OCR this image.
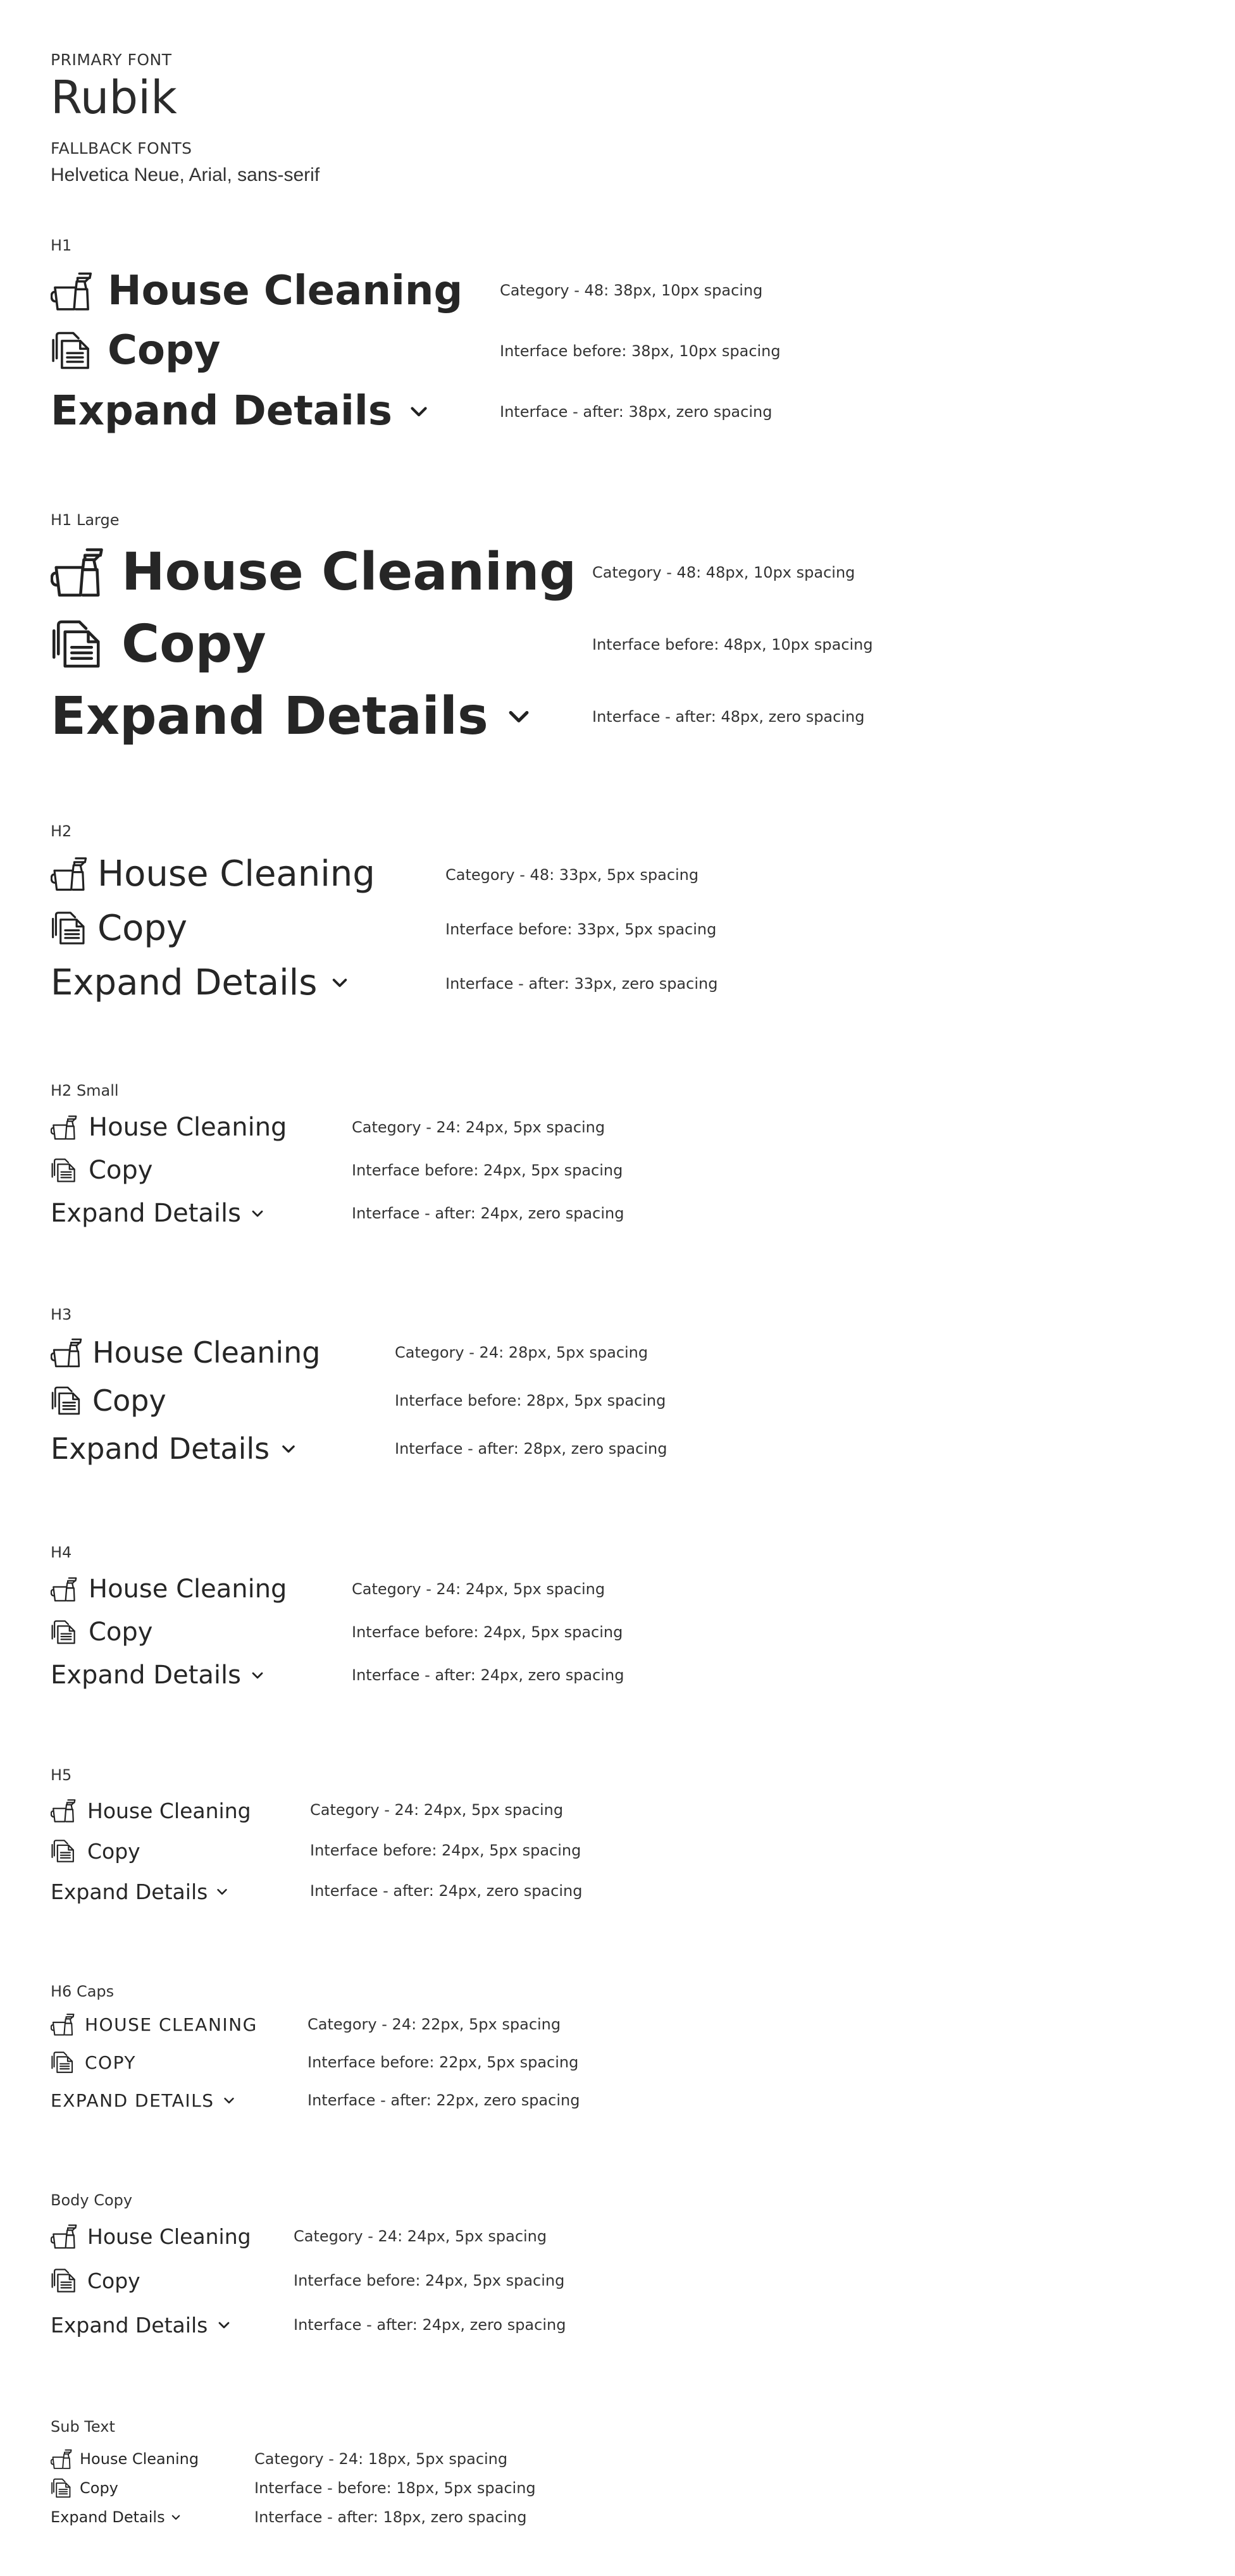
PRIMARY FONT
Rubik
FALLBACK FONTS
Helvetica Neue, Arial, sans-serif
H1
House Cleaning
Copy
Expand Details
Category - 48: 38px, 10px spacing
Interface before: 38px, 10px spacing
Interface - after: 38px, zero spacing
H1 Large
House Cleaning
Copy
Expand Details
Category - 48: 48px, 10px spacing
Interface before: 48px, 10px spacing
Interface - after: 48px, zero spacing
H2
House Cleaning
Copy
Expand Details
Category - 48: 33px, 5px spacing
Interface before: 33px, 5px spacing
Interface - after: 33px, zero spacing
H2 Small
House Cleaning
Copy
Expand Details
Category - 24: 24px, 5px spacing
Interface before: 24px, 5px spacing
Interface - after: 24px, zero spacing
H3
House Cleaning
Copy
Expand Details
Category - 24: 28px, 5px spacing
Interface before: 28px, 5px spacing
Interface - after: 28px, zero spacing
H4
House Cleaning
Copy
Expand Details
Category - 24: 24px, 5px spacing
Interface before: 24px, 5px spacing
Interface - after: 24px, zero spacing
H5
House Cleaning
Copy
Expand Details
Category - 24: 24px, 5px spacing
Interface before: 24px, 5px spacing
Interface - after: 24px, zero spacing
H6 Caps
HOUSE CLEANING
COPY
EXPAND DETAILS
Category - 24: 22px, 5px spacing
Interface before: 22px, 5px spacing
Interface - after: 22px, zero spacing
Body Copy
House Cleaning
Copy
Expand Details
Category - 24: 24px, 5px spacing
Interface before: 24px, 5px spacing
Interface - after: 24px, zero spacing
Sub Text
House Cleaning
Copy
Expand Details
Category - 24: 18px, 5px spacing
Interface - before: 18px, 5px spacing
Interface - after: 18px, zero spacing
